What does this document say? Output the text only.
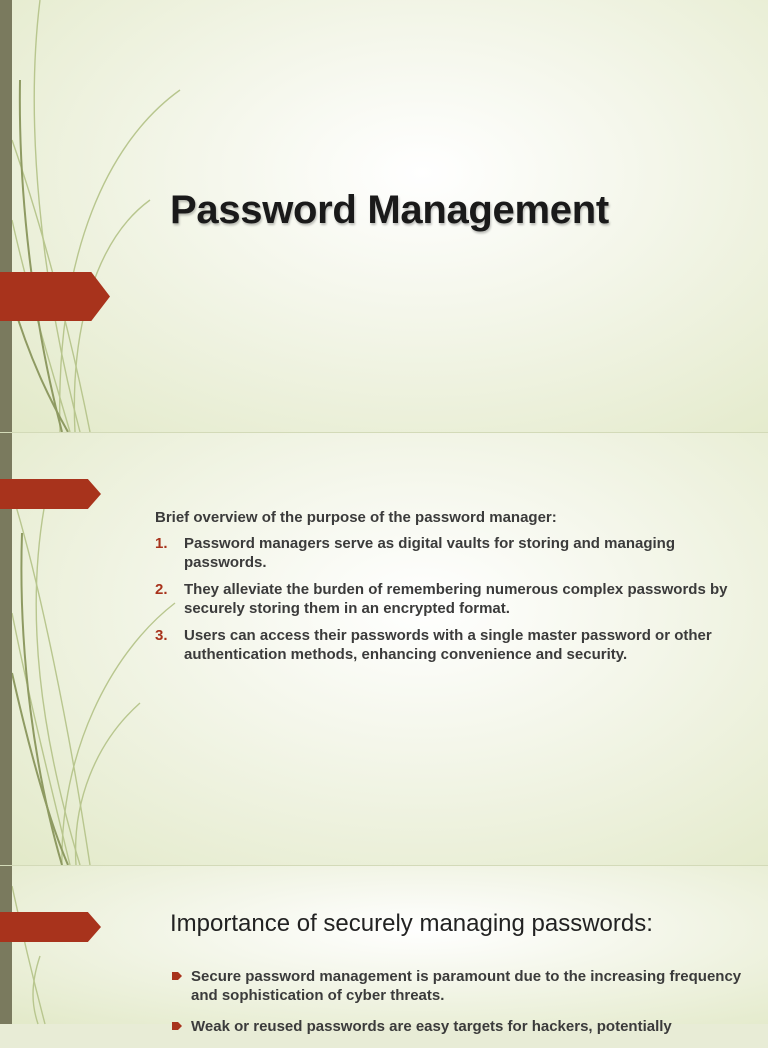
Password Management

Brief overview of the purpose of the password manager:

1. Password managers serve as digital vaults for storing and managing passwords.
2. They alleviate the burden of remembering numerous complex passwords by securely storing them in an encrypted format.
3. Users can access their passwords with a single master password or other authentication methods, enhancing convenience and security.
Importance of securely managing passwords:
Secure password management is paramount due to the increasing frequency and sophistication of cyber threats.
Weak or reused passwords are easy targets for hackers, potentially
